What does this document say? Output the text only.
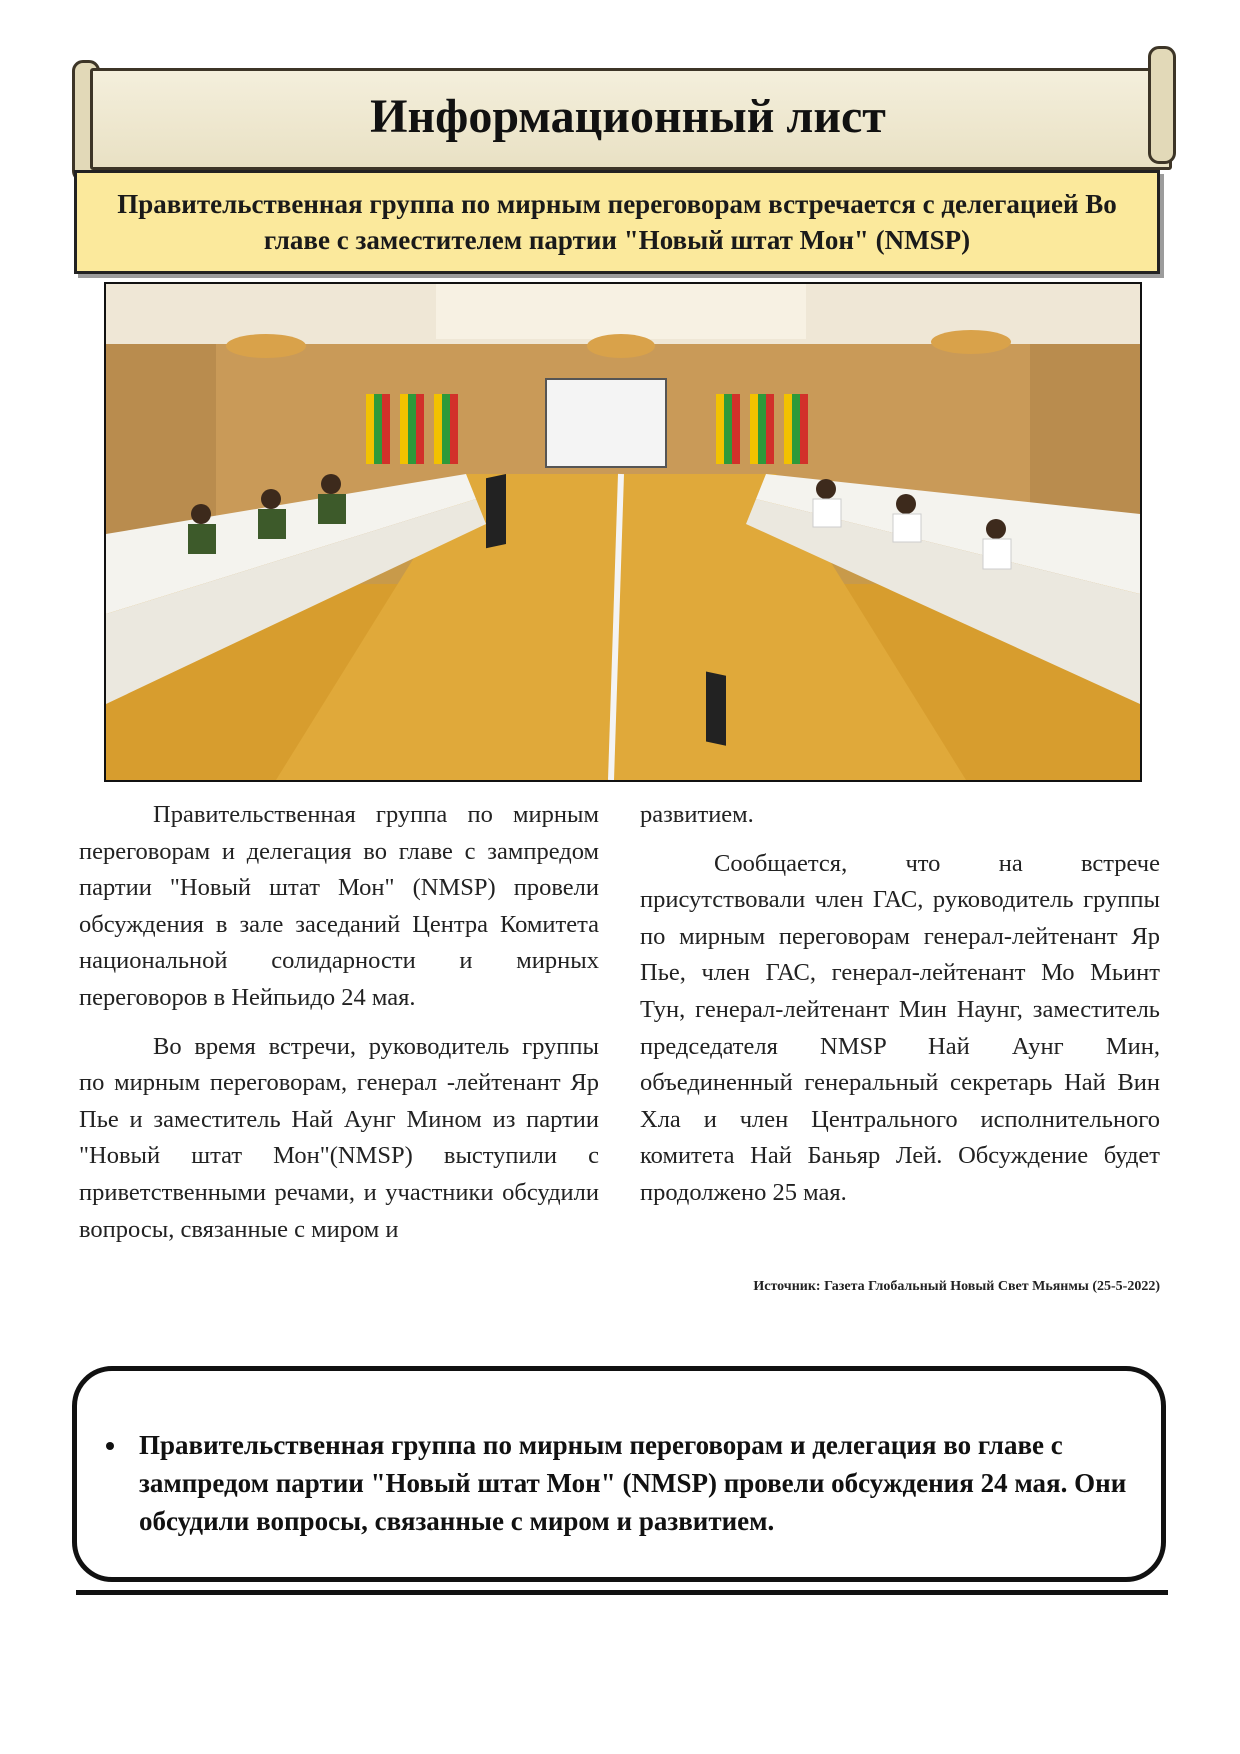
Информационный лист
Правительственная группа по мирным переговорам встречается с делегацией Во главе с заместителем партии "Новый штат Мон" (NMSP)

Правительственная группа по мирным переговорам и делегация во главе с зампредом партии "Новый штат Мон" (NMSP) провели обсуждения в зале заседаний Центра Комитета национальной солидарности и мирных переговоров в Нейпьидо 24 мая.

Во время встречи, руководитель группы по мирным переговорам, генерал -лейтенант Яр Пье и заместитель Най Аунг Мином из партии "Новый штат Мон"(NMSP) выступили с приветственными речами, и участники обсудили вопросы, связанные с миром и

развитием.

Сообщается, что на встрече присутствовали член ГАС, руководитель группы по мирным переговорам генерал-лейтенант Яр Пье, член ГАС, генерал-лейтенант Мо Мьинт Тун, генерал-лейтенант Мин Наунг, заместитель председателя NMSP Най Аунг Мин, объединенный генеральный секретарь Най Вин Хла и член Центрального исполнительного комитета Най Баньяр Лей. Обсуждение будет продолжено 25 мая.

Источник: Газета Глобальный Новый Свет Мьянмы (25-5-2022)
• Правительственная группа по мирным переговорам и делегация во главе с зампредом партии "Новый штат Мон" (NMSP) провели обсуждения 24 мая. Они обсудили вопросы, связанные с миром и развитием.
